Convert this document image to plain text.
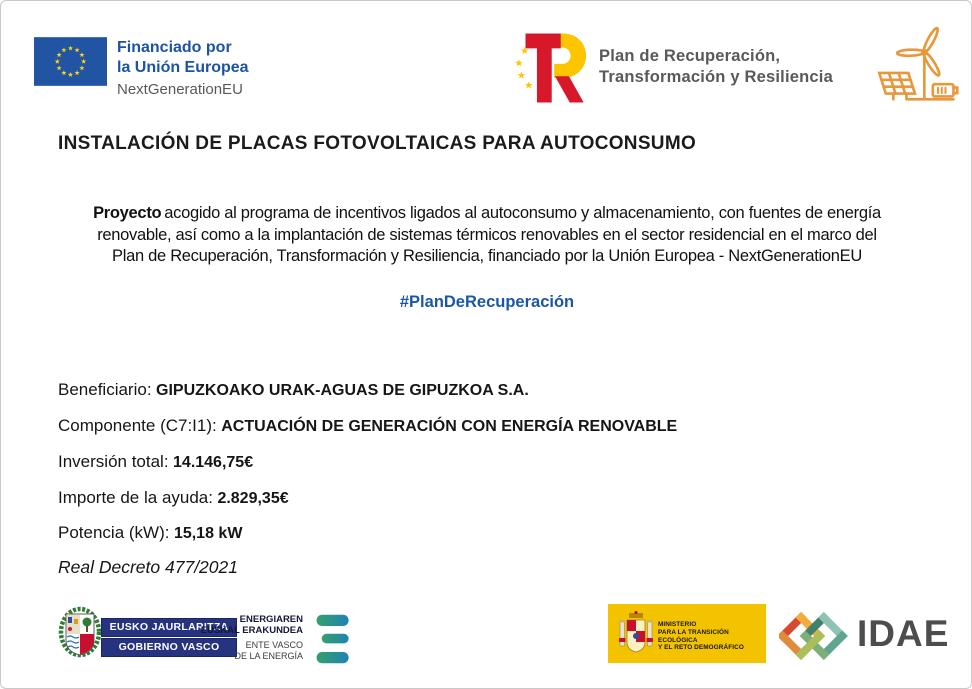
Financiado por
la Unión Europea
NextGenerationEU
Plan de Recuperación,
Transformación y Resiliencia
INSTALACIÓN DE PLACAS FOTOVOLTAICAS PARA AUTOCONSUMO
Proyecto acogido al programa de incentivos ligados al autoconsumo y almacenamiento, con fuentes de energía
renovable, así como a la implantación de sistemas térmicos renovables en el sector residencial en el marco del
Plan de Recuperación, Transformación y Resiliencia, financiado por la Unión Europea - NextGenerationEU
#PlanDeRecuperación
Beneficiario: GIPUZKOAKO URAK-AGUAS DE GIPUZKOA S.A.
Componente (C7:I1): ACTUACIÓN DE GENERACIÓN CON ENERGÍA RENOVABLE
Inversión total: 14.146,75€
Importe de la ayuda: 2.829,35€
Potencia (kW): 15,18 kW
Real Decreto 477/2021
EUSKO JAURLARITZA
GOBIERNO VASCO
ENERGIAREN
EUSKAL ERAKUNDEA
ENTE VASCO
DE LA ENERGÍA
MINISTERIO
PARA LA TRANSICIÓN ECOLÓGICA
Y EL RETO DEMOGRÁFICO	IDAE
